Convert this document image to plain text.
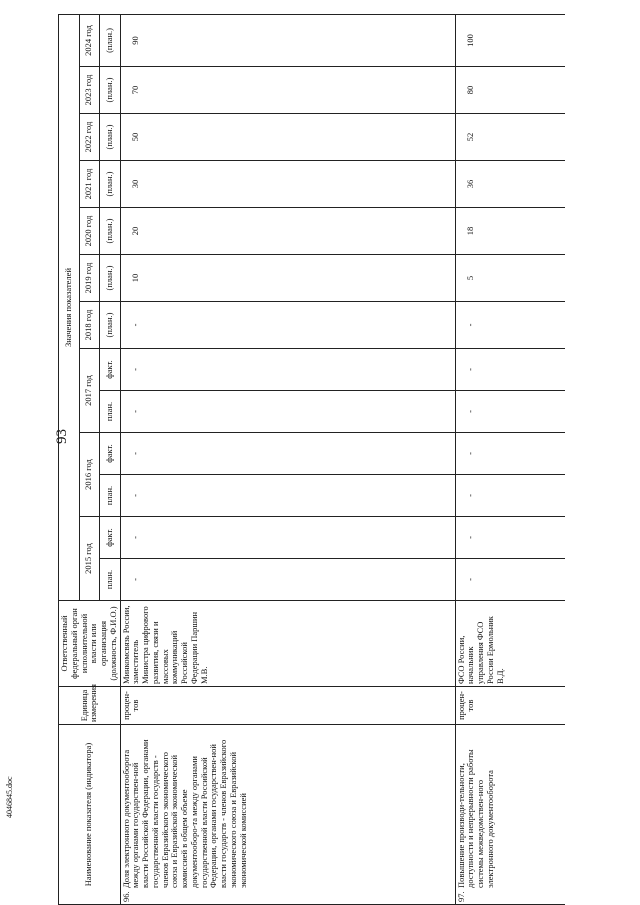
93
4046845.doc	Наименование показателя (индикатора)	Единица измерения	Ответственный федеральный орган исполнительной власти или организация (должность, Ф.И.О.)	Значения показателей												
			2015 год		2016 год		2017 год		2018 год	2019 год	2020 год	2021 год	2022 год	2023 год	2024 год
			план.	факт.	план.	факт.	план.	факт.	(план.)	(план.)	(план.)	(план.)	(план.)	(план.)	(план.)
96.Доля электронного документооборота между органами государствен-ной власти Российской Федерации, органами государственной власти государств - членов Евразийского экономического союза и Евразийской экономической комиссией в общем объеме документооборо-та между органами государственной власти Российской Федерации, органами государствен-ной власти государств - членов Евразийского экономического союза и Евразийской экономической комиссией	процен-тов	Минкомсвязь России, заместитель Министра цифрового развития, связи и массовых коммуникаций Российской Федерации Паршин М.В.	-	-	-	-	-	-	-	10	20	30	50	70	90
97.Повышение производи-тельности, доступности и непрерывности работы системы межведомствен-ного электронного документооборота	процен-тов	ФСО России, начальник управления ФСО России Ермольник В.Д.	-	-	-	-	-	-	-	5	18	36	52	80	100
